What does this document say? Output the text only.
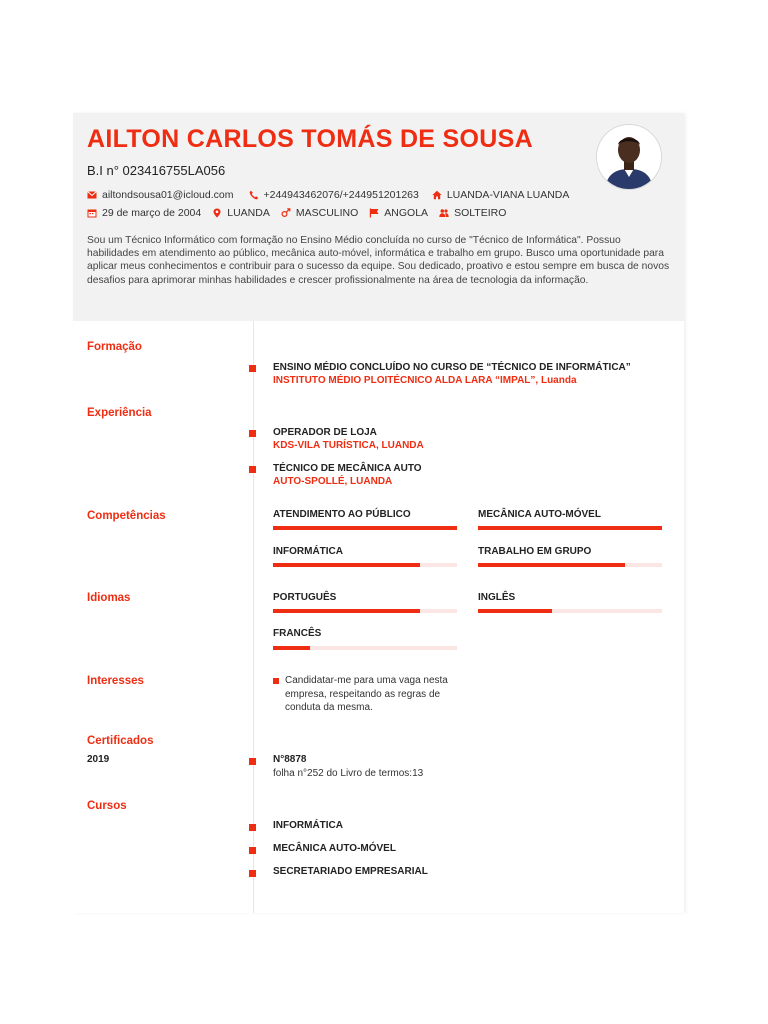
AILTON CARLOS TOMÁS DE SOUSA
B.I n° 023416755LA056
ailtondsousa01@icloud.com	+244943462076/+244951201263	LUANDA-VIANA LUANDA
29 de março de 2004 LUANDA MASCULINO ANGOLA SOLTEIRO

Sou um Técnico Informático com formação no Ensino Médio concluída no curso de "Técnico de Informática". Possuo habilidades em atendimento ao público, mecânica auto-móvel, informática e trabalho em grupo. Busco uma oportunidade para aplicar meus conhecimentos e contribuir para o sucesso da equipe. Sou dedicado, proativo e estou sempre em busca de novos desafios para aprimorar minhas habilidades e crescer profissionalmente na área de tecnologia da informação.

Formação
ENSINO MÉDIO CONCLUÍDO NO CURSO DE “TÉCNICO DE INFORMÁTICA”
INSTITUTO MÉDIO PLOITÉCNICO ALDA LARA “IMPAL”, Luanda
Experiência
OPERADOR DE LOJA
KDS-VILA TURÍSTICA, LUANDA
TÉCNICO DE MECÂNICA AUTO
AUTO-SPOLLÉ, LUANDA
Competências	ATENDIMENTO AO PÚBLICO	MECÂNICA AUTO-MÓVEL
INFORMÁTICA	TRABALHO EM GRUPO
Idiomas	PORTUGUÊS	INGLÊS
FRANCÊS
Interesses	Candidatar-me para uma vaga nesta empresa, respeitando as regras de conduta da mesma.
Certificados
2019	N°8878
folha n°252 do Livro de termos:13
Cursos
INFORMÁTICA
MECÂNICA AUTO-MÓVEL
SECRETARIADO EMPRESARIAL
